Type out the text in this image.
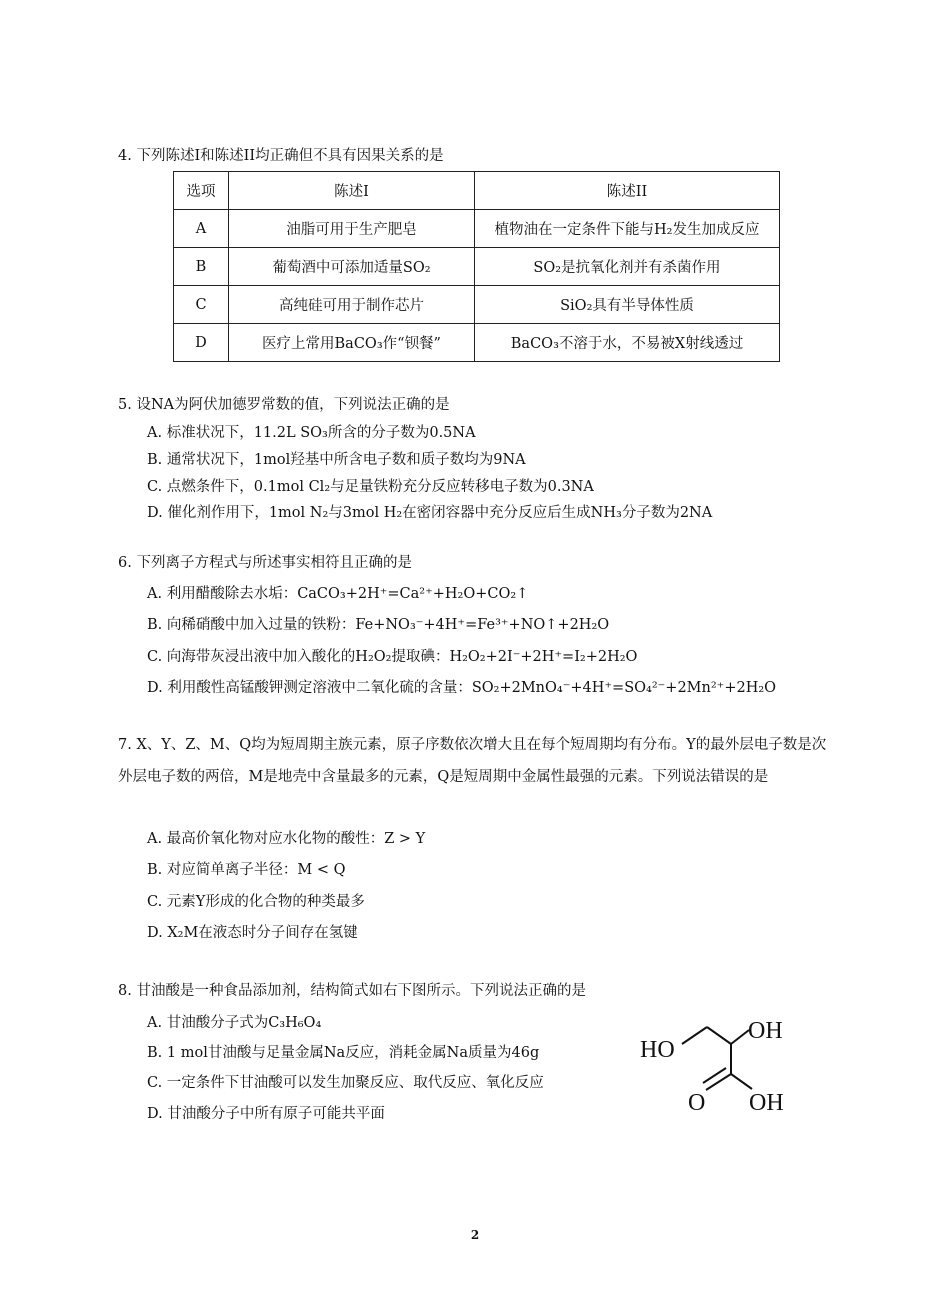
4. 下列陈述I和陈述II均正确但不具有因果关系的是
选项	陈述I	陈述II
A	油脂可用于生产肥皂	植物油在一定条件下能与H₂发生加成反应
B	葡萄酒中可添加适量SO₂	SO₂是抗氧化剂并有杀菌作用
C	高纯硅可用于制作芯片	SiO₂具有半导体性质
D	医疗上常用BaCO₃作“钡餐”	BaCO₃不溶于水，不易被X射线透过
5. 设NA为阿伏加德罗常数的值，下列说法正确的是
A. 标准状况下，11.2L SO₃所含的分子数为0.5NA
B. 通常状况下，1mol羟基中所含电子数和质子数均为9NA
C. 点燃条件下，0.1mol Cl₂与足量铁粉充分反应转移电子数为0.3NA
D. 催化剂作用下，1mol N₂与3mol H₂在密闭容器中充分反应后生成NH₃分子数为2NA
6. 下列离子方程式与所述事实相符且正确的是
A. 利用醋酸除去水垢：CaCO₃+2H⁺=Ca²⁺+H₂O+CO₂↑
B. 向稀硝酸中加入过量的铁粉：Fe+NO₃⁻+4H⁺=Fe³⁺+NO↑+2H₂O
C. 向海带灰浸出液中加入酸化的H₂O₂提取碘：H₂O₂+2I⁻+2H⁺=I₂+2H₂O
D. 利用酸性高锰酸钾测定溶液中二氧化硫的含量：SO₂+2MnO₄⁻+4H⁺=SO₄²⁻+2Mn²⁺+2H₂O
7. X、Y、Z、M、Q均为短周期主族元素，原子序数依次增大且在每个短周期均有分布。Y的最外层电子数是次外层电子数的两倍，M是地壳中含量最多的元素，Q是短周期中金属性最强的元素。下列说法错误的是
A. 最高价氧化物对应水化物的酸性：Z > Y
B. 对应简单离子半径：M < Q
C. 元素Y形成的化合物的种类最多
D. X₂M在液态时分子间存在氢键
8. 甘油酸是一种食品添加剂，结构简式如右下图所示。下列说法正确的是
A. 甘油酸分子式为C₃H₆O₄
B. 1 mol甘油酸与足量金属Na反应，消耗金属Na质量为46g
C. 一定条件下甘油酸可以发生加聚反应、取代反应、氧化反应
D. 甘油酸分子中所有原子可能共平面
OH
HO
O OH
2
